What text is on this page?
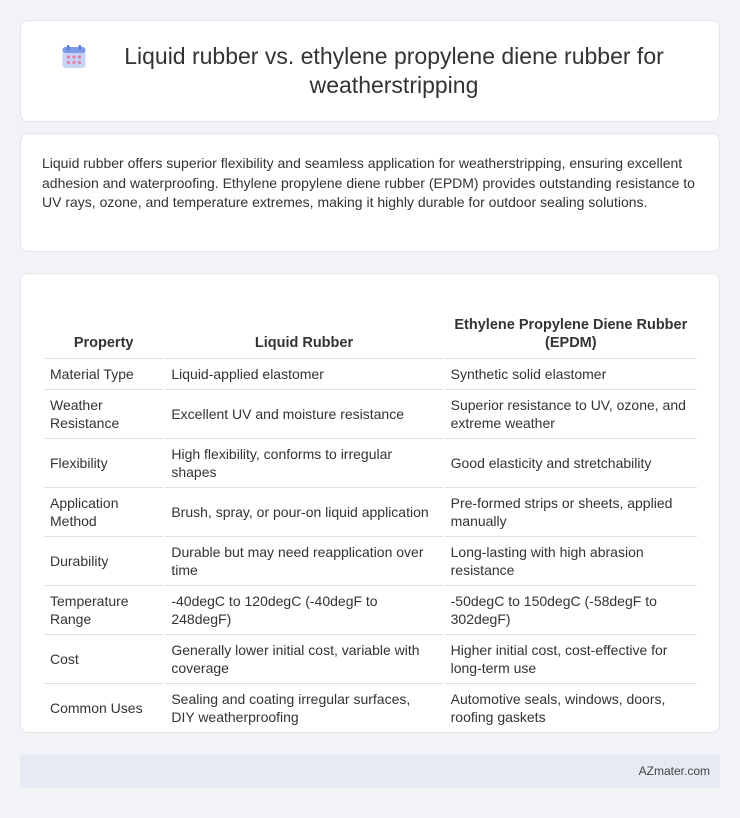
Liquid rubber vs. ethylene propylene diene rubber for weatherstripping

Liquid rubber offers superior flexibility and seamless application for weatherstripping, ensuring excellent adhesion and waterproofing. Ethylene propylene diene rubber (EPDM) provides outstanding resistance to UV rays, ozone, and temperature extremes, making it highly durable for outdoor sealing solutions.

Property	Liquid Rubber	Ethylene Propylene Diene Rubber (EPDM)
Material Type	Liquid-applied elastomer	Synthetic solid elastomer
Weather Resistance	Excellent UV and moisture resistance	Superior resistance to UV, ozone, and extreme weather
Flexibility	High flexibility, conforms to irregular shapes	Good elasticity and stretchability
Application Method	Brush, spray, or pour-on liquid application	Pre-formed strips or sheets, applied manually
Durability	Durable but may need reapplication over time	Long-lasting with high abrasion resistance
Temperature Range	-40degC to 120degC (-40degF to 248degF)	-50degC to 150degC (-58degF to 302degF)
Cost	Generally lower initial cost, variable with coverage	Higher initial cost, cost-effective for long-term use
Common Uses	Sealing and coating irregular surfaces, DIY weatherproofing	Automotive seals, windows, doors, roofing gaskets
AZmater.com
